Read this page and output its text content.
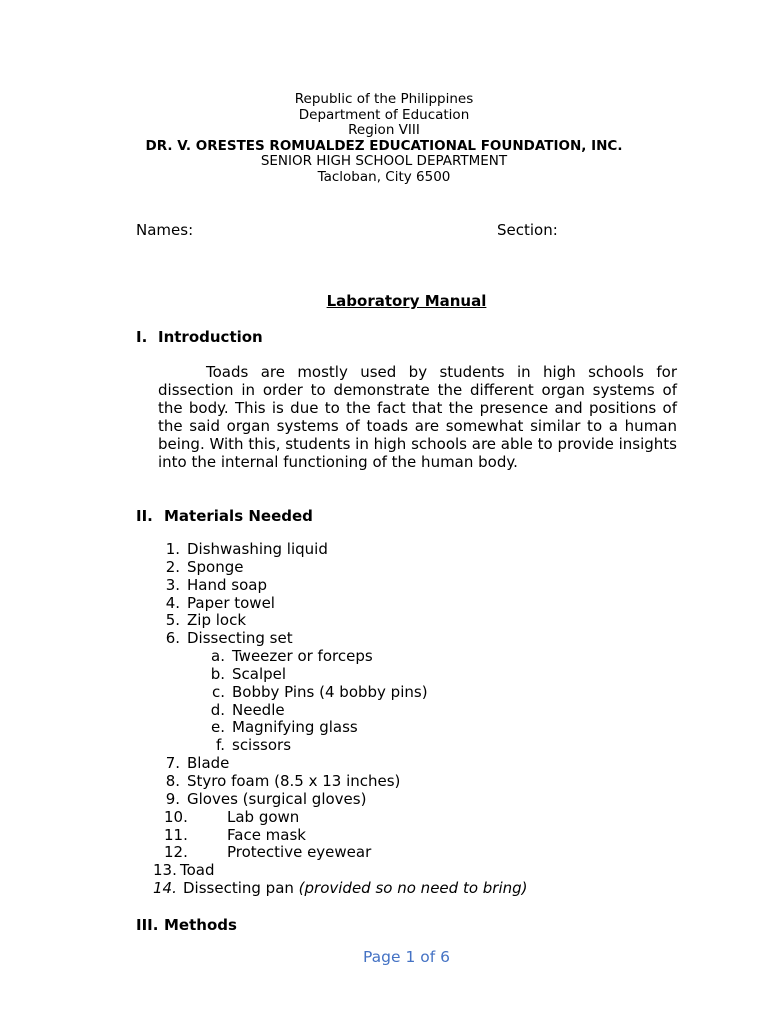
Republic of the Philippines
Department of Education
Region VIII
DR. V. ORESTES ROMUALDEZ EDUCATIONAL FOUNDATION, INC.
SENIOR HIGH SCHOOL DEPARTMENT
Tacloban, City 6500
Names:	Section:
Laboratory Manual
I. Introduction

Toads are mostly used by students in high schools for dissection in order to demonstrate the different organ systems of the body. This is due to the fact that the presence and positions of the said organ systems of toads are somewhat similar to a human being. With this, students in high schools are able to provide insights into the internal functioning of the human body.

II. Materials Needed
1. Dishwashing liquid
2. Sponge
3. Hand soap
4. Paper towel
5. Zip lock
6. Dissecting set
a. Tweezer or forceps
b. Scalpel
c. Bobby Pins (4 bobby pins)
d. Needle
e. Magnifying glass
f. scissors
7. Blade
8. Styro foam (8.5 x 13 inches)
9. Gloves (surgical gloves)
10.	Lab gown
11.	Face mask
12.	Protective eyewear
13. Toad
14. Dissecting pan (provided so no need to bring)
III. Methods
Page 1 of 6
